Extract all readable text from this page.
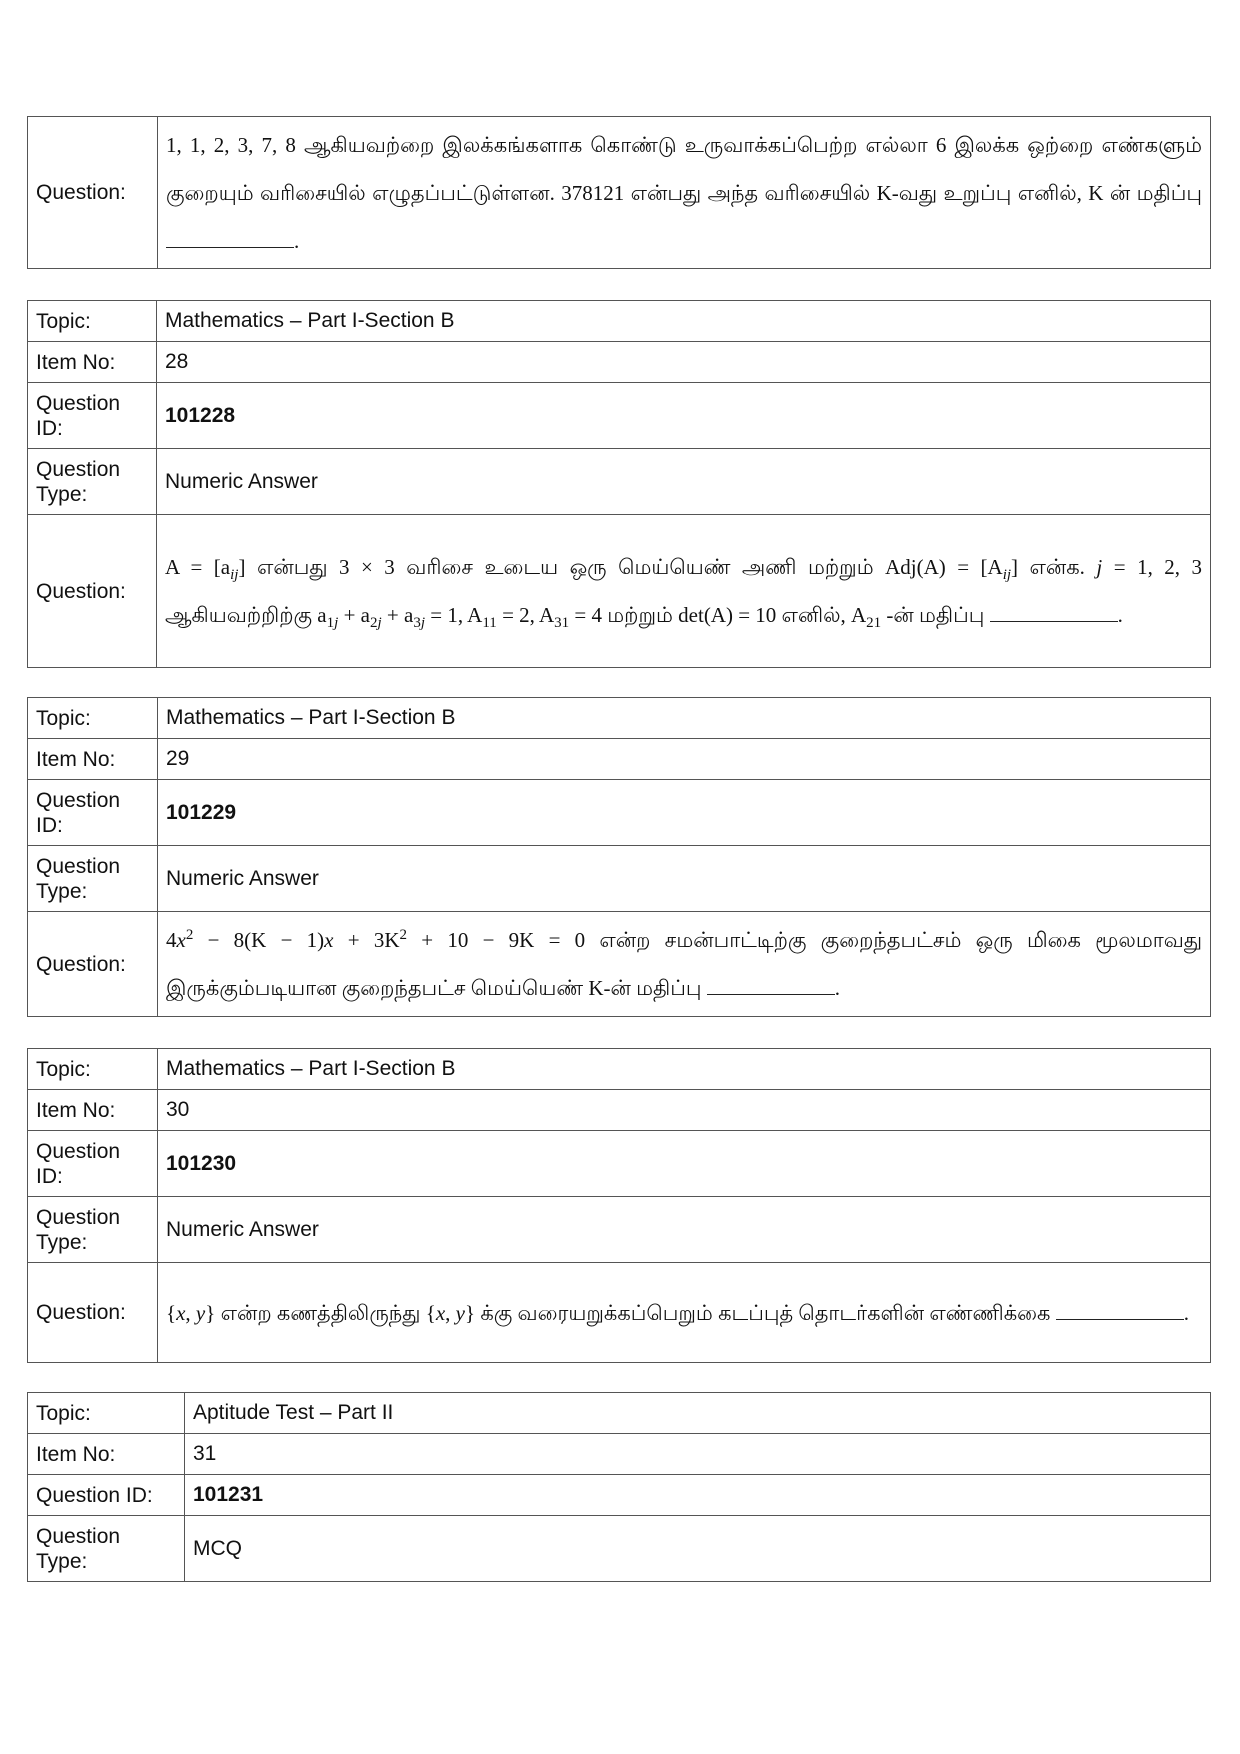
Question:	1, 1, 2, 3, 7, 8 ஆகியவற்றை இலக்கங்களாக கொண்டு உருவாக்கப்பெற்ற எல்லா 6 இலக்க ஒற்றை எண்களும் குறையும் வரிசையில் எழுதப்பட்டுள்ளன. 378121 என்பது அந்த வரிசையில் K-வது உறுப்பு எனில், K ன் மதிப்பு .
Topic:	Mathematics – Part I-Section B
Item No:	28
Question ID:	101228
Question Type:	Numeric Answer
Question:	$A = [a_{ij}]$ என்பது 3 × 3 வரிசை உடைய ஒரு மெய்யெண் அணி மற்றும் $Adj(A) = [A_{ij}]$ என்க. j = 1, 2, 3 ஆகியவற்றிற்கு $a_{1j} + a_{2j} + a_{3j} = 1$, $A_{11} = 2$, $A_{31} = 4$ மற்றும் det(A) = 10 எனில், $A_{21}$ -ன் மதிப்பு .
Topic:	Mathematics – Part I-Section B
Item No:	29
Question ID:	101229
Question Type:	Numeric Answer
Question:	$4x^2 - 8(K - 1)x + 3K^2 + 10 - 9K = 0$ என்ற சமன்பாட்டிற்கு குறைந்தபட்சம் ஒரு மிகை மூலமாவது இருக்கும்படியான குறைந்தபட்ச மெய்யெண் K-ன் மதிப்பு .
Topic:	Mathematics – Part I-Section B
Item No:	30
Question ID:	101230
Question Type:	Numeric Answer
Question:	{x, y} என்ற கணத்திலிருந்து {x, y} க்கு வரையறுக்கப்பெறும் கடப்புத் தொடர்களின் எண்ணிக்கை .
Topic:	Aptitude Test – Part II
Item No:	31
Question ID:	101231
Question Type:	MCQ
